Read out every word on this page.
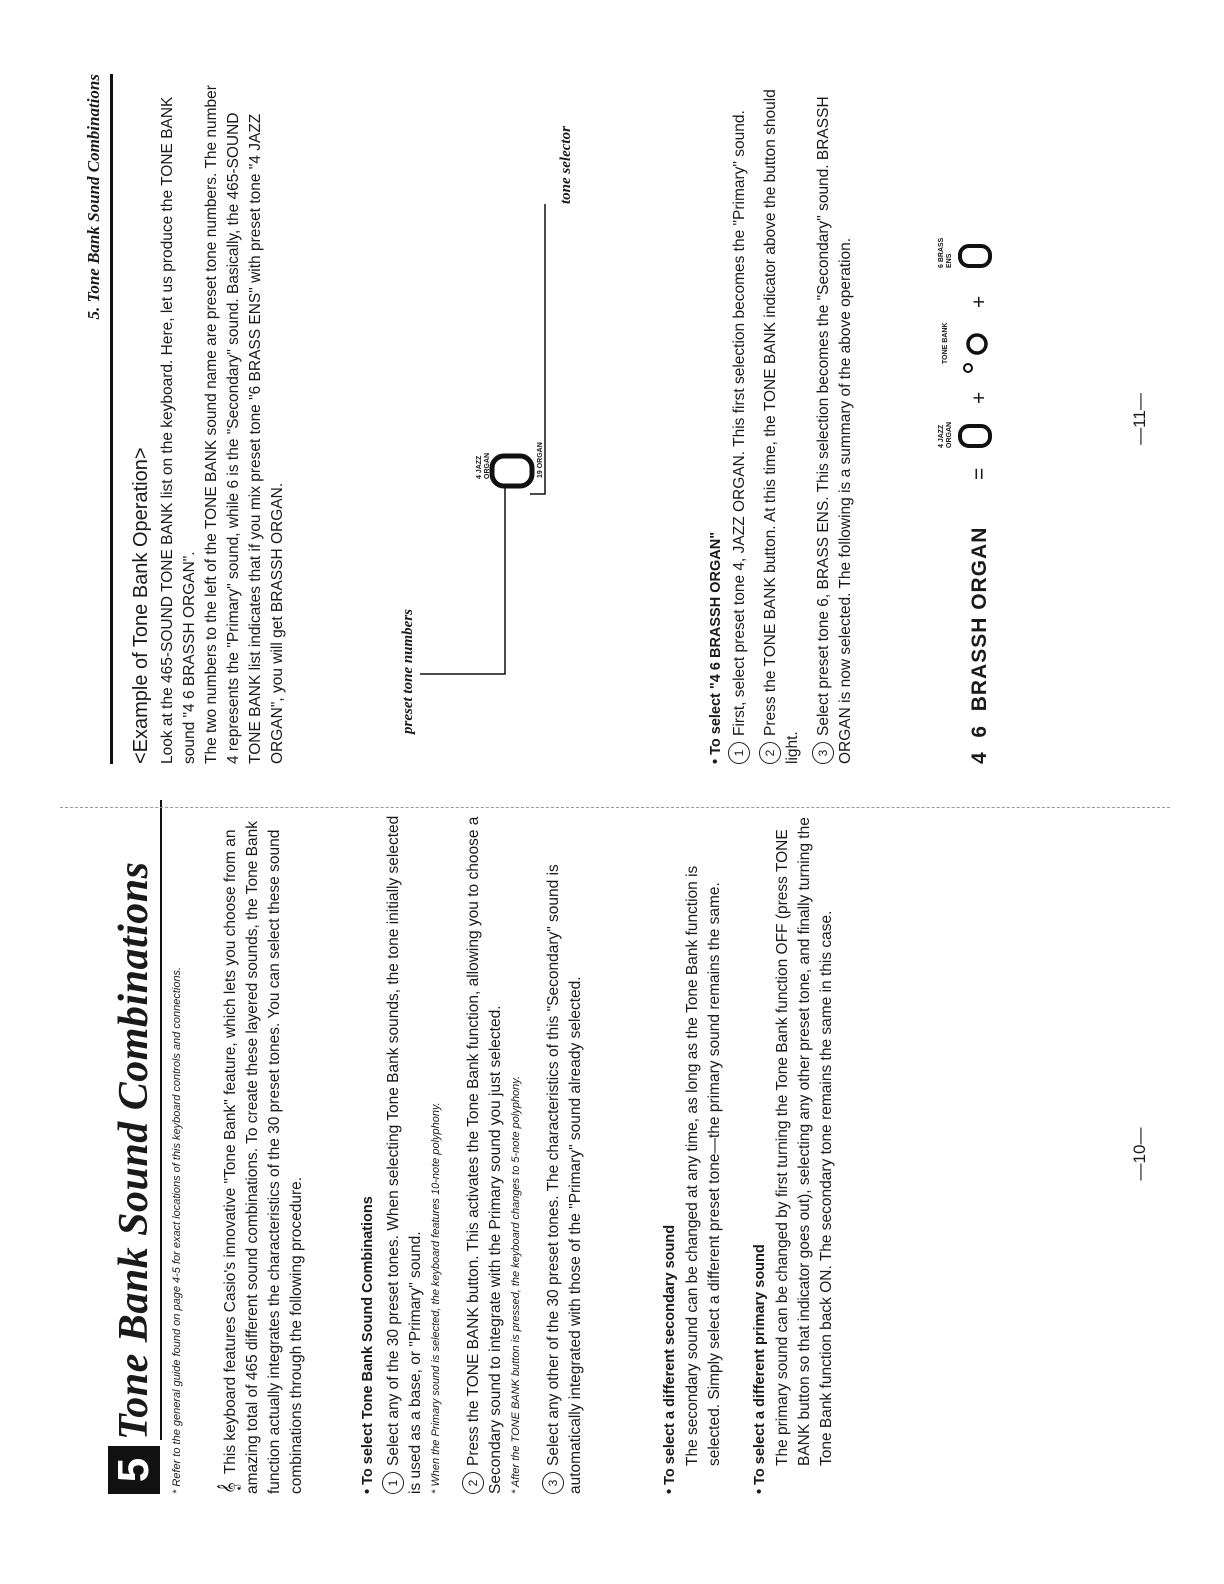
5
Tone Bank Sound Combinations * Refer to the general guide found on page 4-5 for exact locations of this keyboard controls and connections. 𝄞This keyboard features Casio's innovative "Tone Bank" feature, which lets you choose from an amazing total of 465 different sound combinations. To create these layered sounds, the Tone Bank function actually integrates the characteristics of the 30 preset tones. You can select these sound combinations through the following procedure.	• To select Tone Bank Sound Combinations 1Select any of the 30 preset tones. When selecting Tone Bank sounds, the tone initially selected is used as a base, or "Primary" sound. * When the Primary sound is selected, the keyboard features 10-note polyphony.	2Press the TONE BANK button. This activates the Tone Bank function, allowing you to choose a Secondary sound to integrate with the Primary sound you just selected. * After the TONE BANK button is pressed, the keyboard changes to 5-note polyphony.	3Select any other of the 30 preset tones. The characteristics of this "Secondary" sound is automatically integrated with those of the "Primary" sound already selected.	• To select a different secondary sound The secondary sound can be changed at any time, as long as the Tone Bank function is selected. Simply select a different preset tone—the primary sound remains the same. • To select a different primary sound The primary sound can be changed by first turning the Tone Bank function OFF (press TONE BANK button so that indicator goes out), selecting any other preset tone, and finally turning the Tone Bank function back ON. The secondary tone remains the same in this case.	—10—
5. Tone Bank Sound Combinations
<Example of Tone Bank Operation> Look at the 465-SOUND TONE BANK list on the keyboard. Here, let us produce the TONE BANK sound "4 6 BRASSH ORGAN". The two numbers to the left of the TONE BANK sound name are preset tone numbers. The number 4 represents the "Primary" sound, while 6 is the "Secondary" sound. Basically, the 465-SOUND TONE BANK list indicates that if you mix preset tone "6 BRASS ENS" with preset tone "4 JAZZ ORGAN", you will get BRASSH ORGAN.	preset tone numbers
4 JAZZ ORGAN	19 ORGAN
tone selector
• To select "4 6 BRASSH ORGAN" 1First, select preset tone 4, JAZZ ORGAN. This first selection becomes the "Primary" sound.
2Press the TONE BANK button. At this time, the TONE BANK indicator above the button should light.	3Select preset tone 6, BRASS ENS. This selection becomes the "Secondary" sound. BRASSH ORGAN is now selected. The following is a summary of the above operation.	4  6  BRASSH ORGAN
=
4 JAZZ ORGAN
+
TONE BANK
+
6 BRASS ENS
—11—
